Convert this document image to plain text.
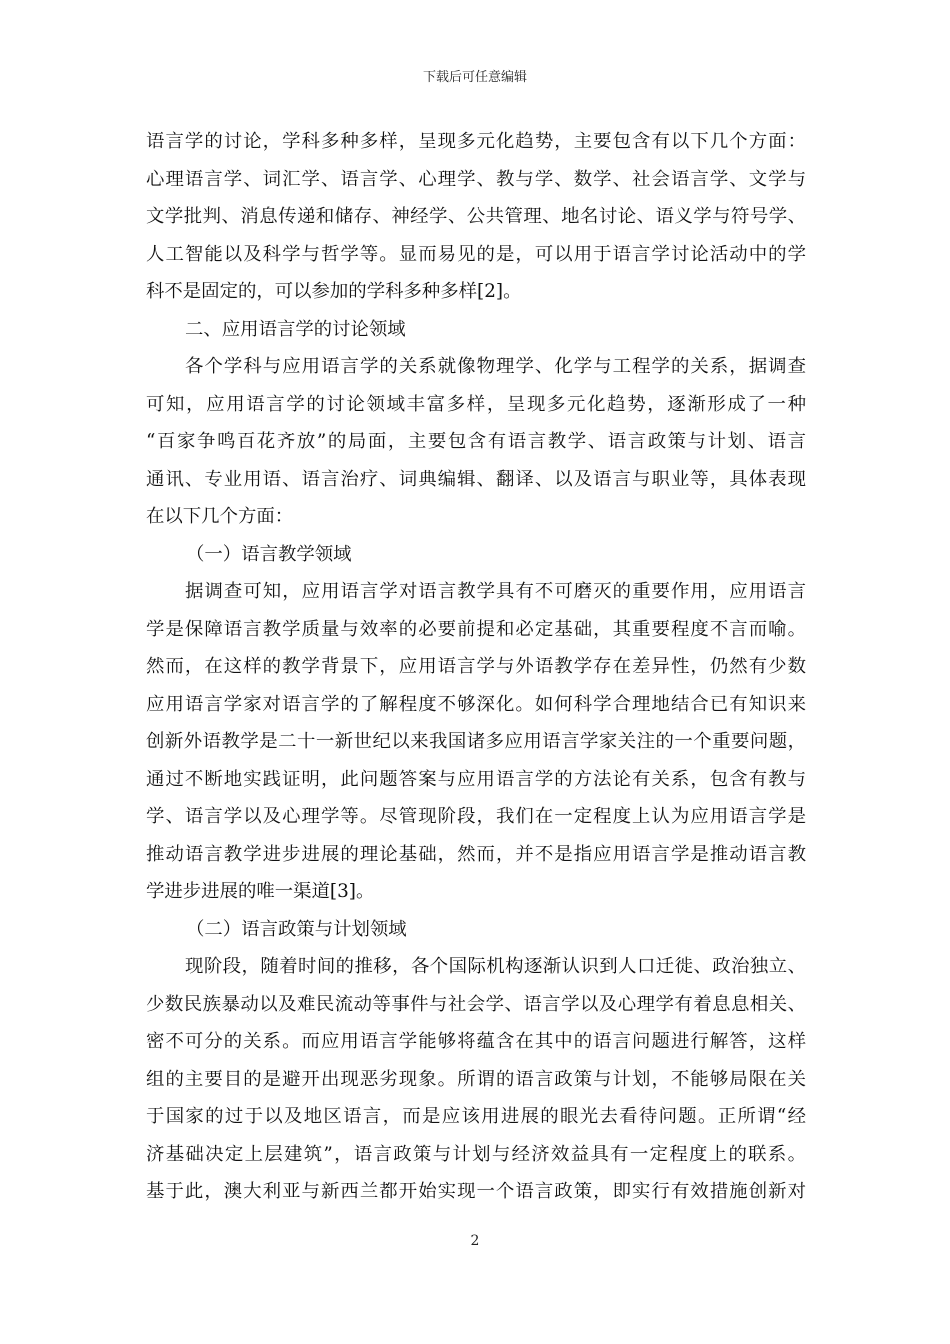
下载后可任意编辑
语言学的讨论，学科多种多样，呈现多元化趋势，主要包含有以下几个方面：
心理语言学、词汇学、语言学、心理学、教与学、数学、社会语言学、文学与
文学批判、消息传递和储存、神经学、公共管理、地名讨论、语义学与符号学、
人工智能以及科学与哲学等。显而易见的是，可以用于语言学讨论活动中的学
科不是固定的，可以参加的学科多种多样[2]。
二、应用语言学的讨论领域
各个学科与应用语言学的关系就像物理学、化学与工程学的关系，据调查
可知，应用语言学的讨论领域丰富多样，呈现多元化趋势，逐渐形成了一种
“百家争鸣百花齐放”的局面，主要包含有语言教学、语言政策与计划、语言
通讯、专业用语、语言治疗、词典编辑、翻译、以及语言与职业等，具体表现
在以下几个方面：
（一）语言教学领域
据调查可知，应用语言学对语言教学具有不可磨灭的重要作用，应用语言
学是保障语言教学质量与效率的必要前提和必定基础，其重要程度不言而喻。
然而，在这样的教学背景下，应用语言学与外语教学存在差异性，仍然有少数
应用语言学家对语言学的了解程度不够深化。如何科学合理地结合已有知识来
创新外语教学是二十一新世纪以来我国诸多应用语言学家关注的一个重要问题，
通过不断地实践证明，此问题答案与应用语言学的方法论有关系，包含有教与
学、语言学以及心理学等。尽管现阶段，我们在一定程度上认为应用语言学是
推动语言教学进步进展的理论基础，然而，并不是指应用语言学是推动语言教
学进步进展的唯一渠道[3]。
（二）语言政策与计划领域
现阶段，随着时间的推移，各个国际机构逐渐认识到人口迁徙、政治独立、
少数民族暴动以及难民流动等事件与社会学、语言学以及心理学有着息息相关、
密不可分的关系。而应用语言学能够将蕴含在其中的语言问题进行解答，这样
组的主要目的是避开出现恶劣现象。所谓的语言政策与计划，不能够局限在关
于国家的过于以及地区语言，而是应该用进展的眼光去看待问题。正所谓“经
济基础决定上层建筑”，语言政策与计划与经济效益具有一定程度上的联系。
基于此，澳大利亚与新西兰都开始实现一个语言政策，即实行有效措施创新对
2
